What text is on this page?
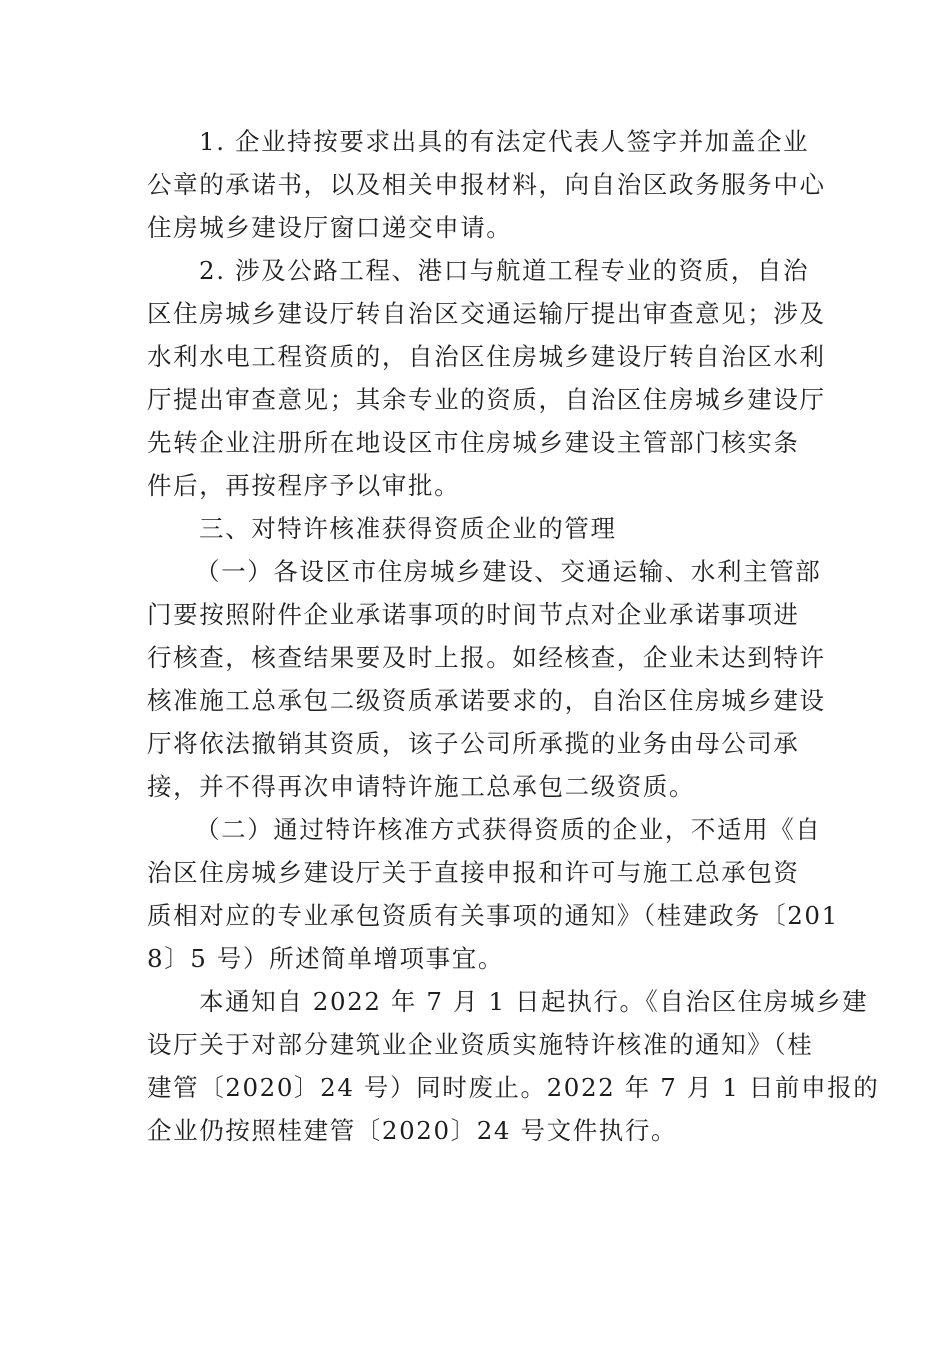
1. 企业持按要求出具的有法定代表人签字并加盖企业
公章的承诺书，以及相关申报材料，向自治区政务服务中心
住房城乡建设厅窗口递交申请。
2. 涉及公路工程、港口与航道工程专业的资质，自治
区住房城乡建设厅转自治区交通运输厅提出审查意见；涉及
水利水电工程资质的，自治区住房城乡建设厅转自治区水利
厅提出审查意见；其余专业的资质，自治区住房城乡建设厅
先转企业注册所在地设区市住房城乡建设主管部门核实条
件后，再按程序予以审批。
三、对特许核准获得资质企业的管理
（一）各设区市住房城乡建设、交通运输、水利主管部
门要按照附件企业承诺事项的时间节点对企业承诺事项进
行核查，核查结果要及时上报。如经核查，企业未达到特许
核准施工总承包二级资质承诺要求的，自治区住房城乡建设
厅将依法撤销其资质，该子公司所承揽的业务由母公司承
接，并不得再次申请特许施工总承包二级资质。
（二）通过特许核准方式获得资质的企业，不适用《自
治区住房城乡建设厅关于直接申报和许可与施工总承包资
质相对应的专业承包资质有关事项的通知》（桂建政务〔201
8〕5 号）所述简单增项事宜。
本通知自 2022 年 7 月 1 日起执行。《自治区住房城乡建
设厅关于对部分建筑业企业资质实施特许核准的通知》（桂
建管〔2020〕24 号）同时废止。2022 年 7 月 1 日前申报的
企业仍按照桂建管〔2020〕24 号文件执行。
